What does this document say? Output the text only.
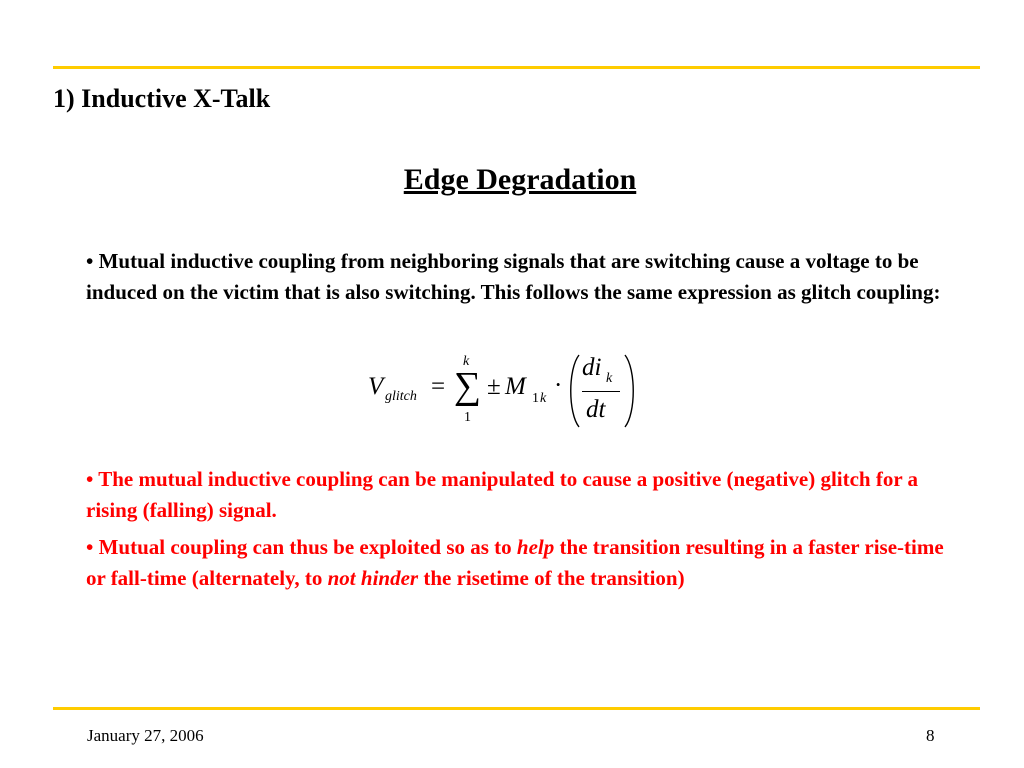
1) Inductive X-Talk
Edge Degradation
• Mutual inductive coupling from neighboring signals that are switching cause a voltage to be induced on the victim that is also switching. This follows the same expression as glitch coupling:
V glitch =
k
∑
1
± M 1 k ·
di k
dt
• The mutual inductive coupling can be manipulated to cause a positive (negative) glitch for a rising (falling) signal.
• Mutual coupling can thus be exploited so as to help the transition resulting in a faster rise-time or fall-time (alternately, to not hinder the risetime of the transition)
January 27, 2006	8
